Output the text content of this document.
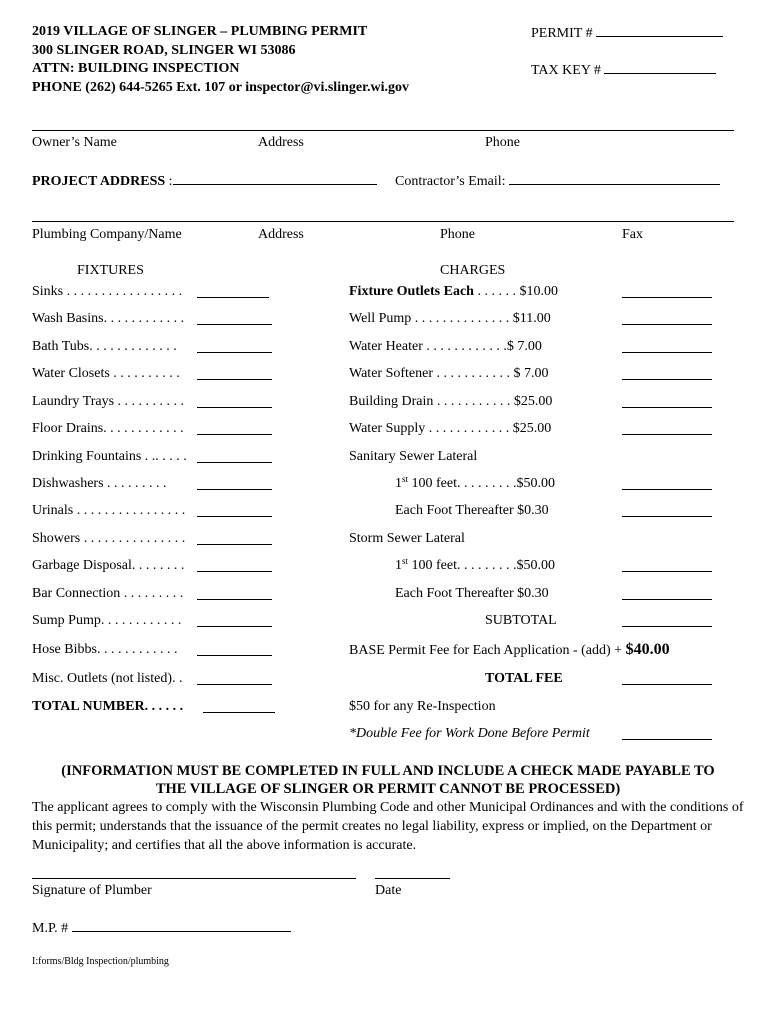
2019 VILLAGE OF SLINGER – PLUMBING PERMIT
300 SLINGER ROAD, SLINGER WI 53086
ATTN: BUILDING INSPECTION
PHONE (262) 644-5265 Ext. 107 or inspector@vi.slinger.wi.gov
PERMIT #
TAX KEY #
Owner’s Name	Address	Phone
PROJECT ADDRESS :	Contractor’s Email:
Plumbing Company/Name	Address	Phone	Fax
FIXTURES	CHARGES
Sinks . . . . . . . . . . . . . . . . .
Wash Basins. . . . . . . . . . . .
Bath Tubs. . . . . . . . . . . . .
Water Closets . . . . . . . . . .
Laundry Trays . . . . . . . . . .
Floor Drains. . . . . . . . . . . .
Drinking Fountains . .. . . . .
Dishwashers . . . . . . . . .
Urinals . . . . . . . . . . . . . . . .
Showers . . . . . . . . . . . . . . .
Garbage Disposal. . . . . . . .
Bar Connection . . . . . . . . .
Sump Pump. . . . . . . . . . . .
Hose Bibbs. . . . . . . . . . . .
Misc. Outlets (not listed). .
TOTAL NUMBER. . . . . .
Fixture Outlets Each . . . . . . $10.00
Well Pump . . . . . . . . . . . . . . $11.00
Water Heater . . . . . . . . . . . .$ 7.00
Water Softener . . . . . . . . . . . $ 7.00
Building Drain . . . . . . . . . . . $25.00
Water Supply . . . . . . . . . . . . $25.00
Sanitary Sewer Lateral
1st 100 feet. . . . . . . . .$50.00
Each Foot Thereafter $0.30
Storm Sewer Lateral
1st 100 feet. . . . . . . . .$50.00
Each Foot Thereafter $0.30
SUBTOTAL
BASE Permit Fee for Each Application - (add) + $40.00
TOTAL FEE
$50 for any Re-Inspection
*Double Fee for Work Done Before Permit
(INFORMATION MUST BE COMPLETED IN FULL AND INCLUDE A CHECK MADE PAYABLE TO
THE VILLAGE OF SLINGER OR PERMIT CANNOT BE PROCESSED)
The applicant agrees to comply with the Wisconsin Plumbing Code and other Municipal Ordinances and with the conditions of this permit; understands that the issuance of the permit creates no legal liability, express or implied, on the Department or Municipality; and certifies that all the above information is accurate.
Signature of Plumber	Date
M.P. #
I:forms/Bldg Inspection/plumbing
